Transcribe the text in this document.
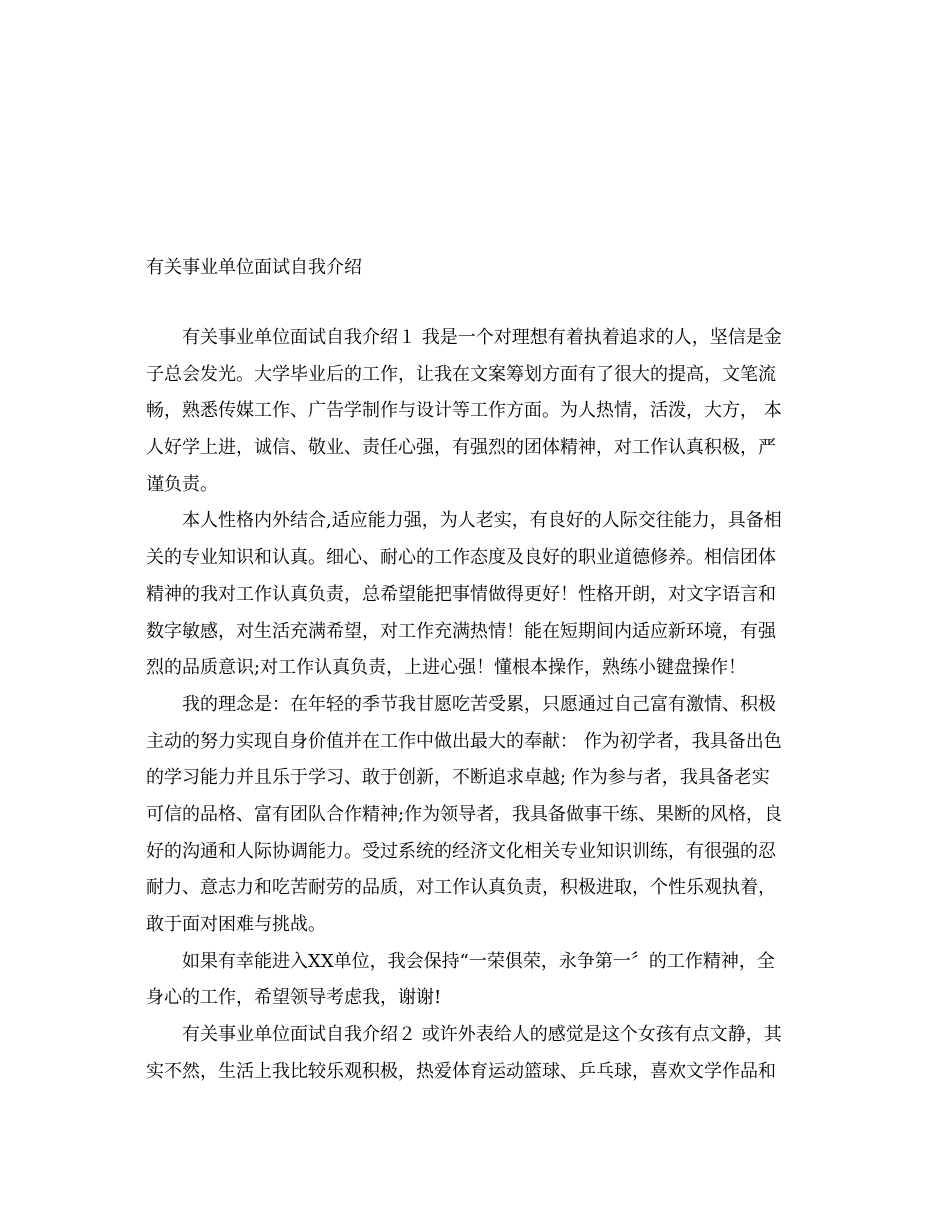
有关事业单位面试自我介绍
有关事业单位面试自我介绍１ 我是一个对理想有着执着追求的人，坚信是金
子总会发光。大学毕业后的工作，让我在文案筹划方面有了很大的提高，文笔流
畅，熟悉传媒工作、广告学制作与设计等工作方面。为人热情，活泼，大方， 本
人好学上进，诚信、敬业、责任心强，有强烈的团体精神，对工作认真积极，严
谨负责。
本人性格内外结合,适应能力强，为人老实，有良好的人际交往能力，具备相
关的专业知识和认真。细心、耐心的工作态度及良好的职业道德修养。相信团体
精神的我对工作认真负责，总希望能把事情做得更好！性格开朗，对文字语言和
数字敏感，对生活充满希望，对工作充满热情！能在短期间内适应新环境，有强
烈的品质意识;对工作认真负责，上进心强！懂根本操作，熟练小键盘操作！
我的理念是：在年轻的季节我甘愿吃苦受累，只愿通过自己富有激情、积极
主动的努力实现自身价值并在工作中做出最大的奉献： 作为初学者，我具备出色
的学习能力并且乐于学习、敢于创新，不断追求卓越; 作为参与者，我具备老实
可信的品格、富有团队合作精神;作为领导者，我具备做事干练、果断的风格，良
好的沟通和人际协调能力。受过系统的经济文化相关专业知识训练，有很强的忍
耐力、意志力和吃苦耐劳的品质，对工作认真负责，积极进取，个性乐观执着，
敢于面对困难与挑战。
如果有幸能进入XX单位，我会保持“一荣俱荣，永争第一〞的工作精神，全
身心的工作，希望领导考虑我，谢谢!
有关事业单位面试自我介绍２ 或许外表给人的感觉是这个女孩有点文静，其
实不然，生活上我比较乐观积极，热爱体育运动篮球、乒乓球，喜欢文学作品和
